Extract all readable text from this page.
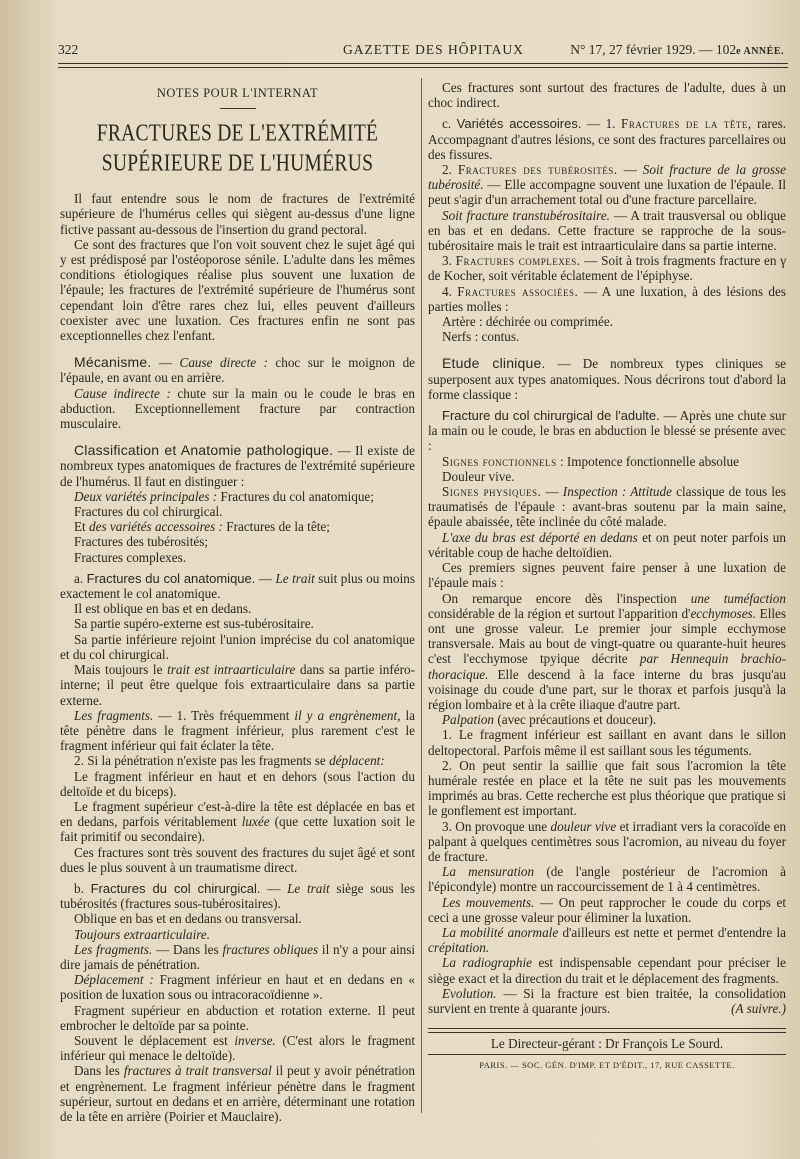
322	GAZETTE DES HÔPITAUX	N° 17, 27 février 1929. — 102e ANNÉE.
NOTES POUR L'INTERNAT
FRACTURES DE L'EXTRÉMITÉ SUPÉRIEURE DE L'HUMÉRUS

Il faut entendre sous le nom de fractures de l'extrémité supérieure de l'humérus celles qui siègent au-dessus d'une ligne fictive passant au-dessous de l'insertion du grand pectoral.

Ce sont des fractures que l'on voit souvent chez le sujet âgé qui y est prédisposé par l'ostéoporose sénile. L'adulte dans les mêmes conditions étiologiques réalise plus souvent une luxation de l'épaule; les fractures de l'extrémité supérieure de l'humérus sont cependant loin d'être rares chez lui, elles peuvent d'ailleurs coexister avec une luxation. Ces fractures enfin ne sont pas exceptionnelles chez l'enfant.

Mécanisme. — Cause directe : choc sur le moignon de l'épaule, en avant ou en arrière.

Cause indirecte : chute sur la main ou le coude le bras en abduction. Exceptionnellement fracture par contraction musculaire.

Classification et Anatomie pathologique. — Il existe de nombreux types anatomiques de fractures de l'extrémité supérieure de l'humérus. Il faut en distinguer :

Deux variétés principales : Fractures du col anatomique;

Fractures du col chirurgical.

Et des variétés accessoires : Fractures de la tête;

Fractures des tubérosités;

Fractures complexes.

a. Fractures du col anatomique. — Le trait suit plus ou moins exactement le col anatomique.

Il est oblique en bas et en dedans.

Sa partie supéro-externe est sus-tubérositaire.

Sa partie inférieure rejoint l'union imprécise du col anatomique et du col chirurgical.

Mais toujours le trait est intraarticulaire dans sa partie inféro-interne; il peut être quelque fois extraarticulaire dans sa partie externe.

Les fragments. — 1. Très fréquemment il y a engrènement, la tête pénètre dans le fragment inférieur, plus rarement c'est le fragment inférieur qui fait éclater la tête.

2. Si la pénétration n'existe pas les fragments se déplacent:

Le fragment inférieur en haut et en dehors (sous l'action du deltoïde et du biceps).

Le fragment supérieur c'est-à-dire la tête est déplacée en bas et en dedans, parfois véritablement luxée (que cette luxation soit le fait primitif ou secondaire).

Ces fractures sont très souvent des fractures du sujet âgé et sont dues le plus souvent à un traumatisme direct.

b. Fractures du col chirurgical. — Le trait siège sous les tubérosités (fractures sous-tubérositaires).

Oblique en bas et en dedans ou transversal.

Toujours extraarticulaire.

Les fragments. — Dans les fractures obliques il n'y a pour ainsi dire jamais de pénétration.

Déplacement : Fragment inférieur en haut et en dedans en « position de luxation sous ou intracoracoïdienne ».

Fragment supérieur en abduction et rotation externe. Il peut embrocher le deltoïde par sa pointe.

Souvent le déplacement est inverse. (C'est alors le fragment inférieur qui menace le deltoïde).

Dans les fractures à trait transversal il peut y avoir pénétration et engrènement. Le fragment inférieur pénètre dans le fragment supérieur, surtout en dedans et en arrière, déterminant une rotation de la tête en arrière (Poirier et Mauclaire).

Ces fractures sont surtout des fractures de l'adulte, dues à un choc indirect.

c. Variétés accessoires. — 1. Fractures de la tête, rares. Accompagnant d'autres lésions, ce sont des fractures parcellaires ou des fissures.

2. Fractures des tubérosités. — Soit fracture de la grosse tubérosité. — Elle accompagne souvent une luxation de l'épaule. Il peut s'agir d'un arrachement total ou d'une fracture parcellaire.

Soit fracture transtubérositaire. — A trait trausversal ou oblique en bas et en dedans. Cette fracture se rapproche de la sous-tubérositaire mais le trait est intraarticulaire dans sa partie interne.

3. Fractures complexes. — Soit à trois fragments fracture en γ de Kocher, soit véritable éclatement de l'épiphyse.

4. Fractures associées. — A une luxation, à des lésions des parties molles :

Artère : déchirée ou comprimée.

Nerfs : contus.

Etude clinique. — De nombreux types cliniques se superposent aux types anatomiques. Nous décrirons tout d'abord la forme classique :

Fracture du col chirurgical de l'adulte. — Après une chute sur la main ou le coude, le bras en abduction le blessé se présente avec :

Signes fonctionnels : Impotence fonctionnelle absolue

Douleur vive.

Signes physiques. — Inspection : Attitude classique de tous les traumatisés de l'épaule : avant-bras soutenu par la main saine, épaule abaissée, tête inclinée du côté malade.

L'axe du bras est déporté en dedans et on peut noter parfois un véritable coup de hache deltoïdien.

Ces premiers signes peuvent faire penser à une luxation de l'épaule mais :

On remarque encore dès l'inspection une tuméfaction considérable de la région et surtout l'apparition d'ecchymoses. Elles ont une grosse valeur. Le premier jour simple ecchymose transversale. Mais au bout de vingt-quatre ou quarante-huit heures c'est l'ecchymose tpyique décrite par Hennequin brachio-thoracique. Elle descend à la face interne du bras jusqu'au voisinage du coude d'une part, sur le thorax et parfois jusqu'à la région lombaire et à la crête iliaque d'autre part.

Palpation (avec précautions et douceur).

1. Le fragment inférieur est saillant en avant dans le sillon deltopectoral. Parfois même il est saillant sous les téguments.

2. On peut sentir la saillie que fait sous l'acromion la tête humérale restée en place et la tête ne suit pas les mouvements imprimés au bras. Cette recherche est plus théorique que pratique si le gonflement est important.

3. On provoque une douleur vive et irradiant vers la coracoïde en palpant à quelques centimètres sous l'acromion, au niveau du foyer de fracture.

La mensuration (de l'angle postérieur de l'acromion à l'épicondyle) montre un raccourcissement de 1 à 4 centimètres.

Les mouvements. — On peut rapprocher le coude du corps et ceci a une grosse valeur pour éliminer la luxation.

La mobilité anormale d'ailleurs est nette et permet d'entendre la crépitation.

La radiographie est indispensable cependant pour préciser le siège exact et la direction du trait et le déplacement des fragments.

Evolution. — Si la fracture est bien traitée, la consolidation survient en trente à quarante jours.	(A suivre.)

Le Directeur-gérant : Dr François Le Sourd.
PARIS. — SOC. GÉN. D'IMP. ET D'ÉDIT., 17, RUE CASSETTE.
